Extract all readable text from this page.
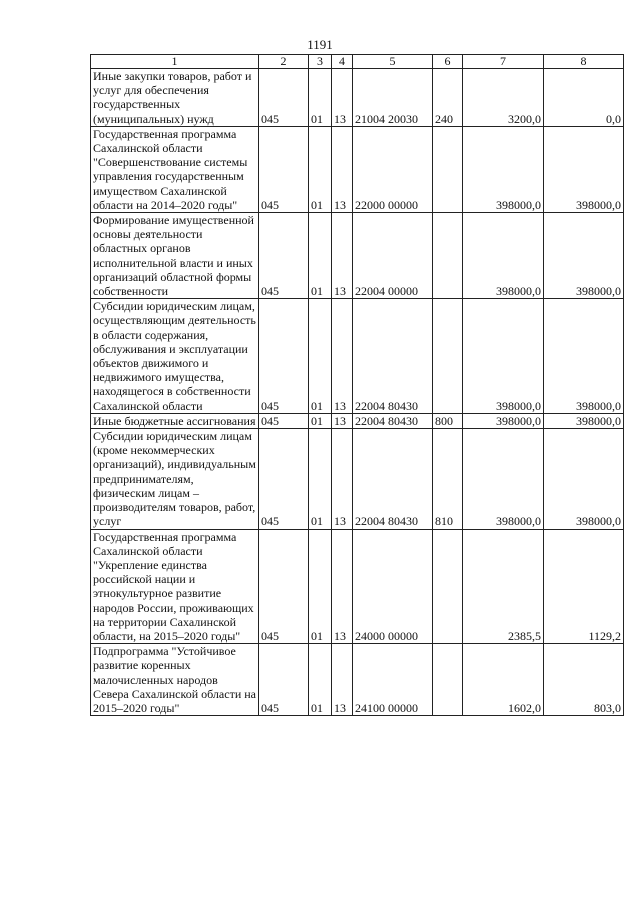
1191
1	2	3	4	5	6	7	8
Иные закупки товаров, работ и услуг для обеспечения государственных (муниципальных) нужд	045	01	13	21004 20030	240	3200,0	0,0
Государственная программа Сахалинской области "Совершенствование системы управления государственным имуществом Сахалинской области на 2014–2020 годы"	045	01	13	22000 00000		398000,0	398000,0
Формирование имущественной основы деятельности областных органов исполнительной власти и иных организаций областной формы собственности	045	01	13	22004 00000		398000,0	398000,0
Субсидии юридическим лицам, осуществляющим деятельность в области содержания, обслуживания и эксплуатации объектов движимого и недвижимого имущества, находящегося в собственности Сахалинской области	045	01	13	22004 80430		398000,0	398000,0
Иные бюджетные ассигнования	045	01	13	22004 80430	800	398000,0	398000,0
Субсидии юридическим лицам (кроме некоммерческих организаций), индивидуальным предпринимателям, физическим лицам – производителям товаров, работ, услуг	045	01	13	22004 80430	810	398000,0	398000,0
Государственная программа Сахалинской области "Укрепление единства российской нации и этнокультурное развитие народов России, проживающих на территории Сахалинской области, на 2015–2020 годы"	045	01	13	24000 00000		2385,5	1129,2
Подпрограмма "Устойчивое развитие коренных малочисленных народов Севера Сахалинской области на 2015–2020 годы"	045	01	13	24100 00000		1602,0	803,0
